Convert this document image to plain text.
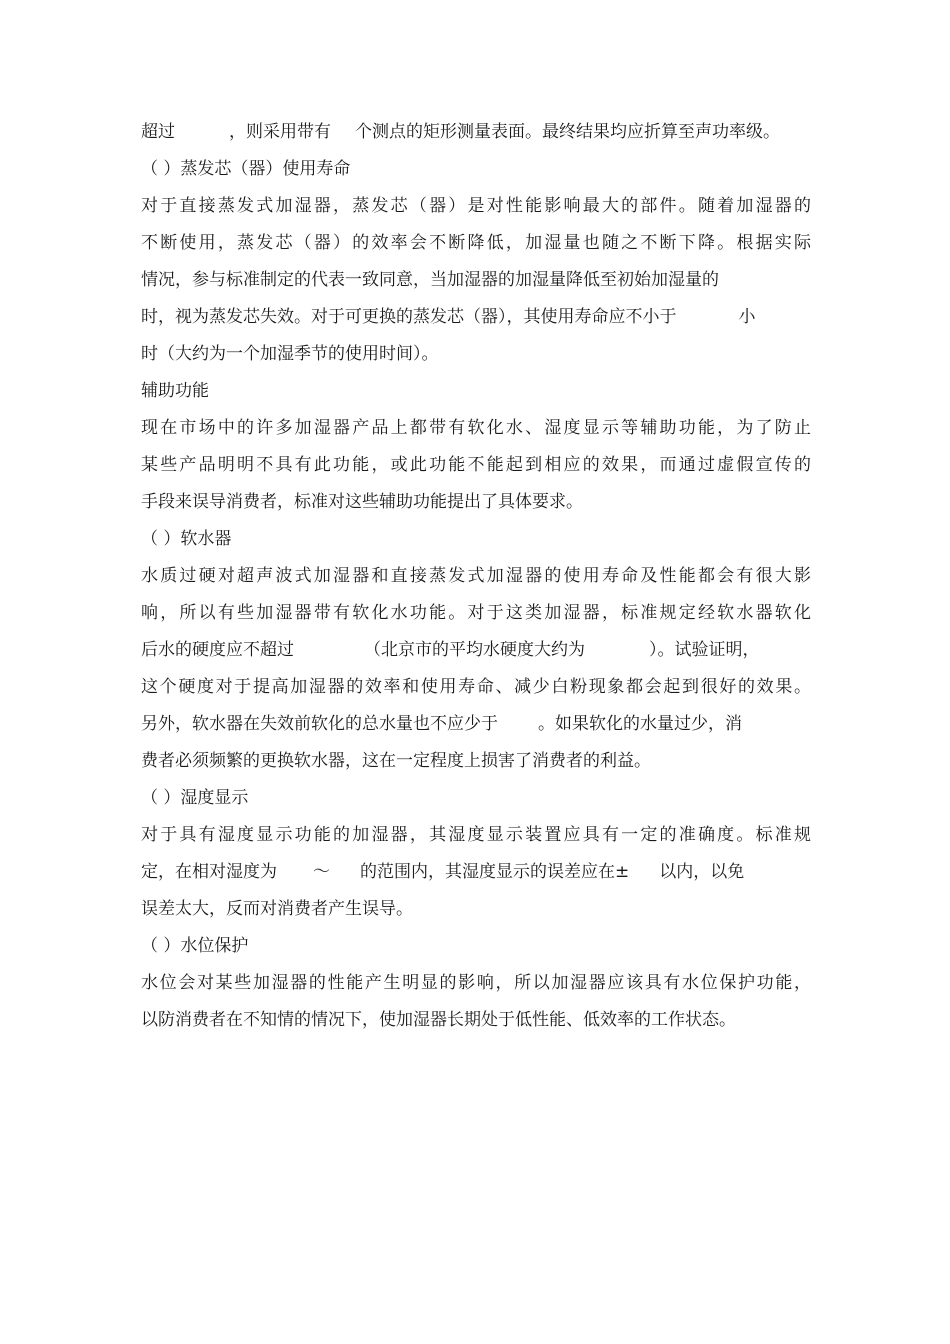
超过	，则采用带有 个测点的矩形测量表面。最终结果均应折算至声功率级。
（ ）蒸发芯（器）使用寿命
对于直接蒸发式加湿器，蒸发芯（器）是对性能影响最大的部件。随着加湿器的
不断使用，蒸发芯（器）的效率会不断降低，加湿量也随之不断下降。根据实际
情况，参与标准制定的代表一致同意，当加湿器的加湿量降低至初始加湿量的
时，视为蒸发芯失效。对于可更换的蒸发芯（器），其使用寿命应不小于	小
时（大约为一个加湿季节的使用时间）。
辅助功能
现在市场中的许多加湿器产品上都带有软化水、湿度显示等辅助功能，为了防止
某些产品明明不具有此功能，或此功能不能起到相应的效果，而通过虚假宣传的
手段来误导消费者，标准对这些辅助功能提出了具体要求。
（ ）软水器
水质过硬对超声波式加湿器和直接蒸发式加湿器的使用寿命及性能都会有很大影
响，所以有些加湿器带有软化水功能。对于这类加湿器，标准规定经软水器软化
后水的硬度应不超过	（北京市的平均水硬度大约为	）。试验证明，
这个硬度对于提高加湿器的效率和使用寿命、减少白粉现象都会起到很好的效果。
另外，软水器在失效前软化的总水量也不应少于 。如果软化的水量过少，消
费者必须频繁的更换软水器，这在一定程度上损害了消费者的利益。
（ ）湿度显示
对于具有湿度显示功能的加湿器，其湿度显示装置应具有一定的准确度。标准规
定，在相对湿度为 ～ 的范围内，其湿度显示的误差应在± 以内，以免
误差太大，反而对消费者产生误导。
（ ）水位保护
水位会对某些加湿器的性能产生明显的影响，所以加湿器应该具有水位保护功能，
以防消费者在不知情的情况下，使加湿器长期处于低性能、低效率的工作状态。
